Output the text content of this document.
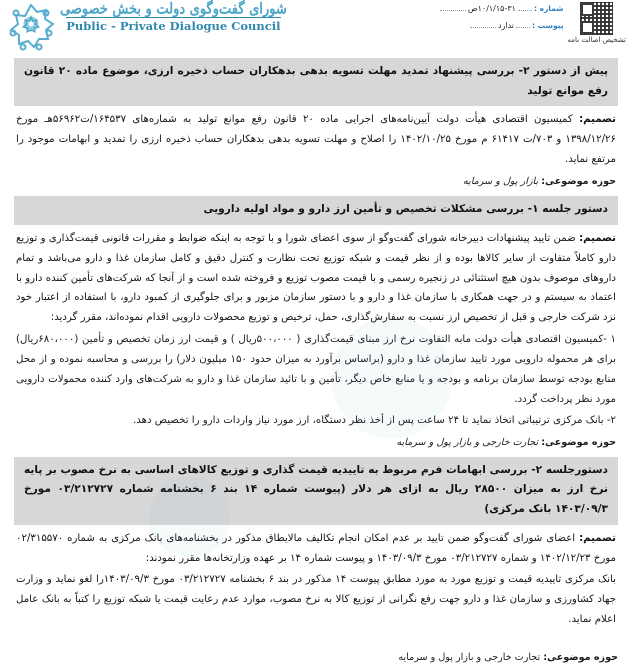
شورای گفت‌وگوی دولت و بخش خصوصی
Public - Private Dialogue Council
تشخیص اصالت نامه
شماره :
۱۰/۱/۱۵-۳۱ص
پیوست :
ندارد
پیش از دستور ۲- بررسی پیشنهاد تمدید مهلت تسویه بدهی بدهکاران حساب ذخیره ارزی، موضوع ماده ۲۰ قانون رفع موانع تولید

تصمیم: کمیسیون اقتصادی هیأت دولت آیین‌نامه‌های اجرایی ماده ۲۰ قانون رفع موانع تولید به شماره‌های ۱۶۴۵۳۷/ت۵۶۹۶۲هـ مورخ ۱۳۹۸/۱۲/۲۶ و ۷۰۳/ت ۶۱۴۱۷ م مورخ ۱۴۰۲/۱۰/۲۵ را اصلاح و مهلت تسویه بدهی بدهکاران حساب ذخیره ارزی را تمدید و ابهامات موجود را مرتفع نماید.

حوزه موضوعی: بازار پول و سرمایه
دستور جلسه ۱- بررسی مشکلات تخصیص و تأمین ارز دارو و مواد اولیه دارویی

تصمیم: ضمن تایید پیشنهادات دبیرخانه شورای گفت‌وگو از سوی اعضای شورا و با توجه به اینکه ضوابط و مقررات قانونی قیمت‌گذاری و توزیع دارو کاملاً متفاوت از سایر کالاها بوده و از نظر قیمت و شبکه توزیع تحت نظارت و کنترل دقیق و کامل سازمان غذا و دارو می‌باشد و تمام داروهای موصوف بدون هیچ استثنائی در زنجیره رسمی و با قیمت مصوب توزیع و فروخته شده است و از آنجا که شرکت‌های تأمین کننده دارو با اعتماد به سیستم و در جهت همکاری با سازمان غذا و دارو و با دستور سازمان مزبور و برای جلوگیری از کمبود دارو، با استفاده از اعتبار خود نزد شرکت خارجی و قبل از تخصیص ارز نسبت به سفارش‌گذاری، حمل، ترخیص و توزیع محصولات دارویی اقدام نموده‌اند، مقرر گردید:

۱ -کمیسیون اقتصادی هیأت دولت مابه التفاوت نرخ ارز مبنای قیمت‌گذاری ( ۵۰۰،۰۰۰ریال ) و قیمت ارز زمان تخصیص و تأمین (۶۸۰،۰۰۰ریال) برای هر محموله دارویی مورد تایید سازمان غذا و دارو (براساس برآورد به میزان حدود ۱۵۰ میلیون دلار) را بررسی و محاسبه نموده و از محل منابع بودجه توسط سازمان برنامه و بودجه و یا منابع خاص دیگر، تأمین و با تائید سازمان غذا و دارو به شرکت‌های وارد کننده محمولات دارویی مورد نظر پرداخت گردد.

۲- بانک مرکزی ترتیباتی اتخاذ نماید تا ۲۴ ساعت پس از أخذ نظر دستگاه، ارز مورد نیاز واردات دارو را تخصیص دهد.

حوزه موضوعی: تجارت خارجی و بازار پول و سرمایه
دستورجلسه ۲- بررسی ابهامات فرم مربوط به تاییدیه قیمت گذاری و توزیع کالاهای اساسی به نرخ مصوب بر پایه نرخ ارز به میزان ۲۸۵۰۰ ریال به ازای هر دلار (پیوست شماره ۱۴ بند ۶ بخشنامه شماره ۰۳/۲۱۲۷۲۷ مورخ ۱۴۰۳/۰۹/۳ بانک مرکزی)

تصمیم: اعضای شورای گفت‌وگو ضمن تایید بر عدم امکان انجام تکالیف مالایطاق مذکور در بخشنامه‌های بانک مرکزی به شماره ۰۲/۳۱۵۵۷۰ مورخ ۱۴۰۲/۱۲/۲۳ و شماره ۰۳/۲۱۲۷۲۷ مورخ ۱۴۰۳/۰۹/۳ و پیوست شماره ۱۴ بر عهده وزارتخانه‌ها مقرر نمودند:

بانک مرکزی تاییدیه قیمت و توزیع مورد به مورد مطابق پیوست ۱۴ مذکور در بند ۶ بخشنامه ۰۳/۲۱۲۷۲۷ مورخ ۱۴۰۳/۰۹/۳را لغو نماید و وزارت جهاد کشاورزی و سازمان غذا و دارو جهت رفع نگرانی از توزیع کالا به نرخ مصوب، موارد عدم رعایت قیمت یا شبکه توزیع را کتباً به بانک عامل اعلام نماید.

حوزه موضوعی: تجارت خارجی و بازار پول و سرمایه
